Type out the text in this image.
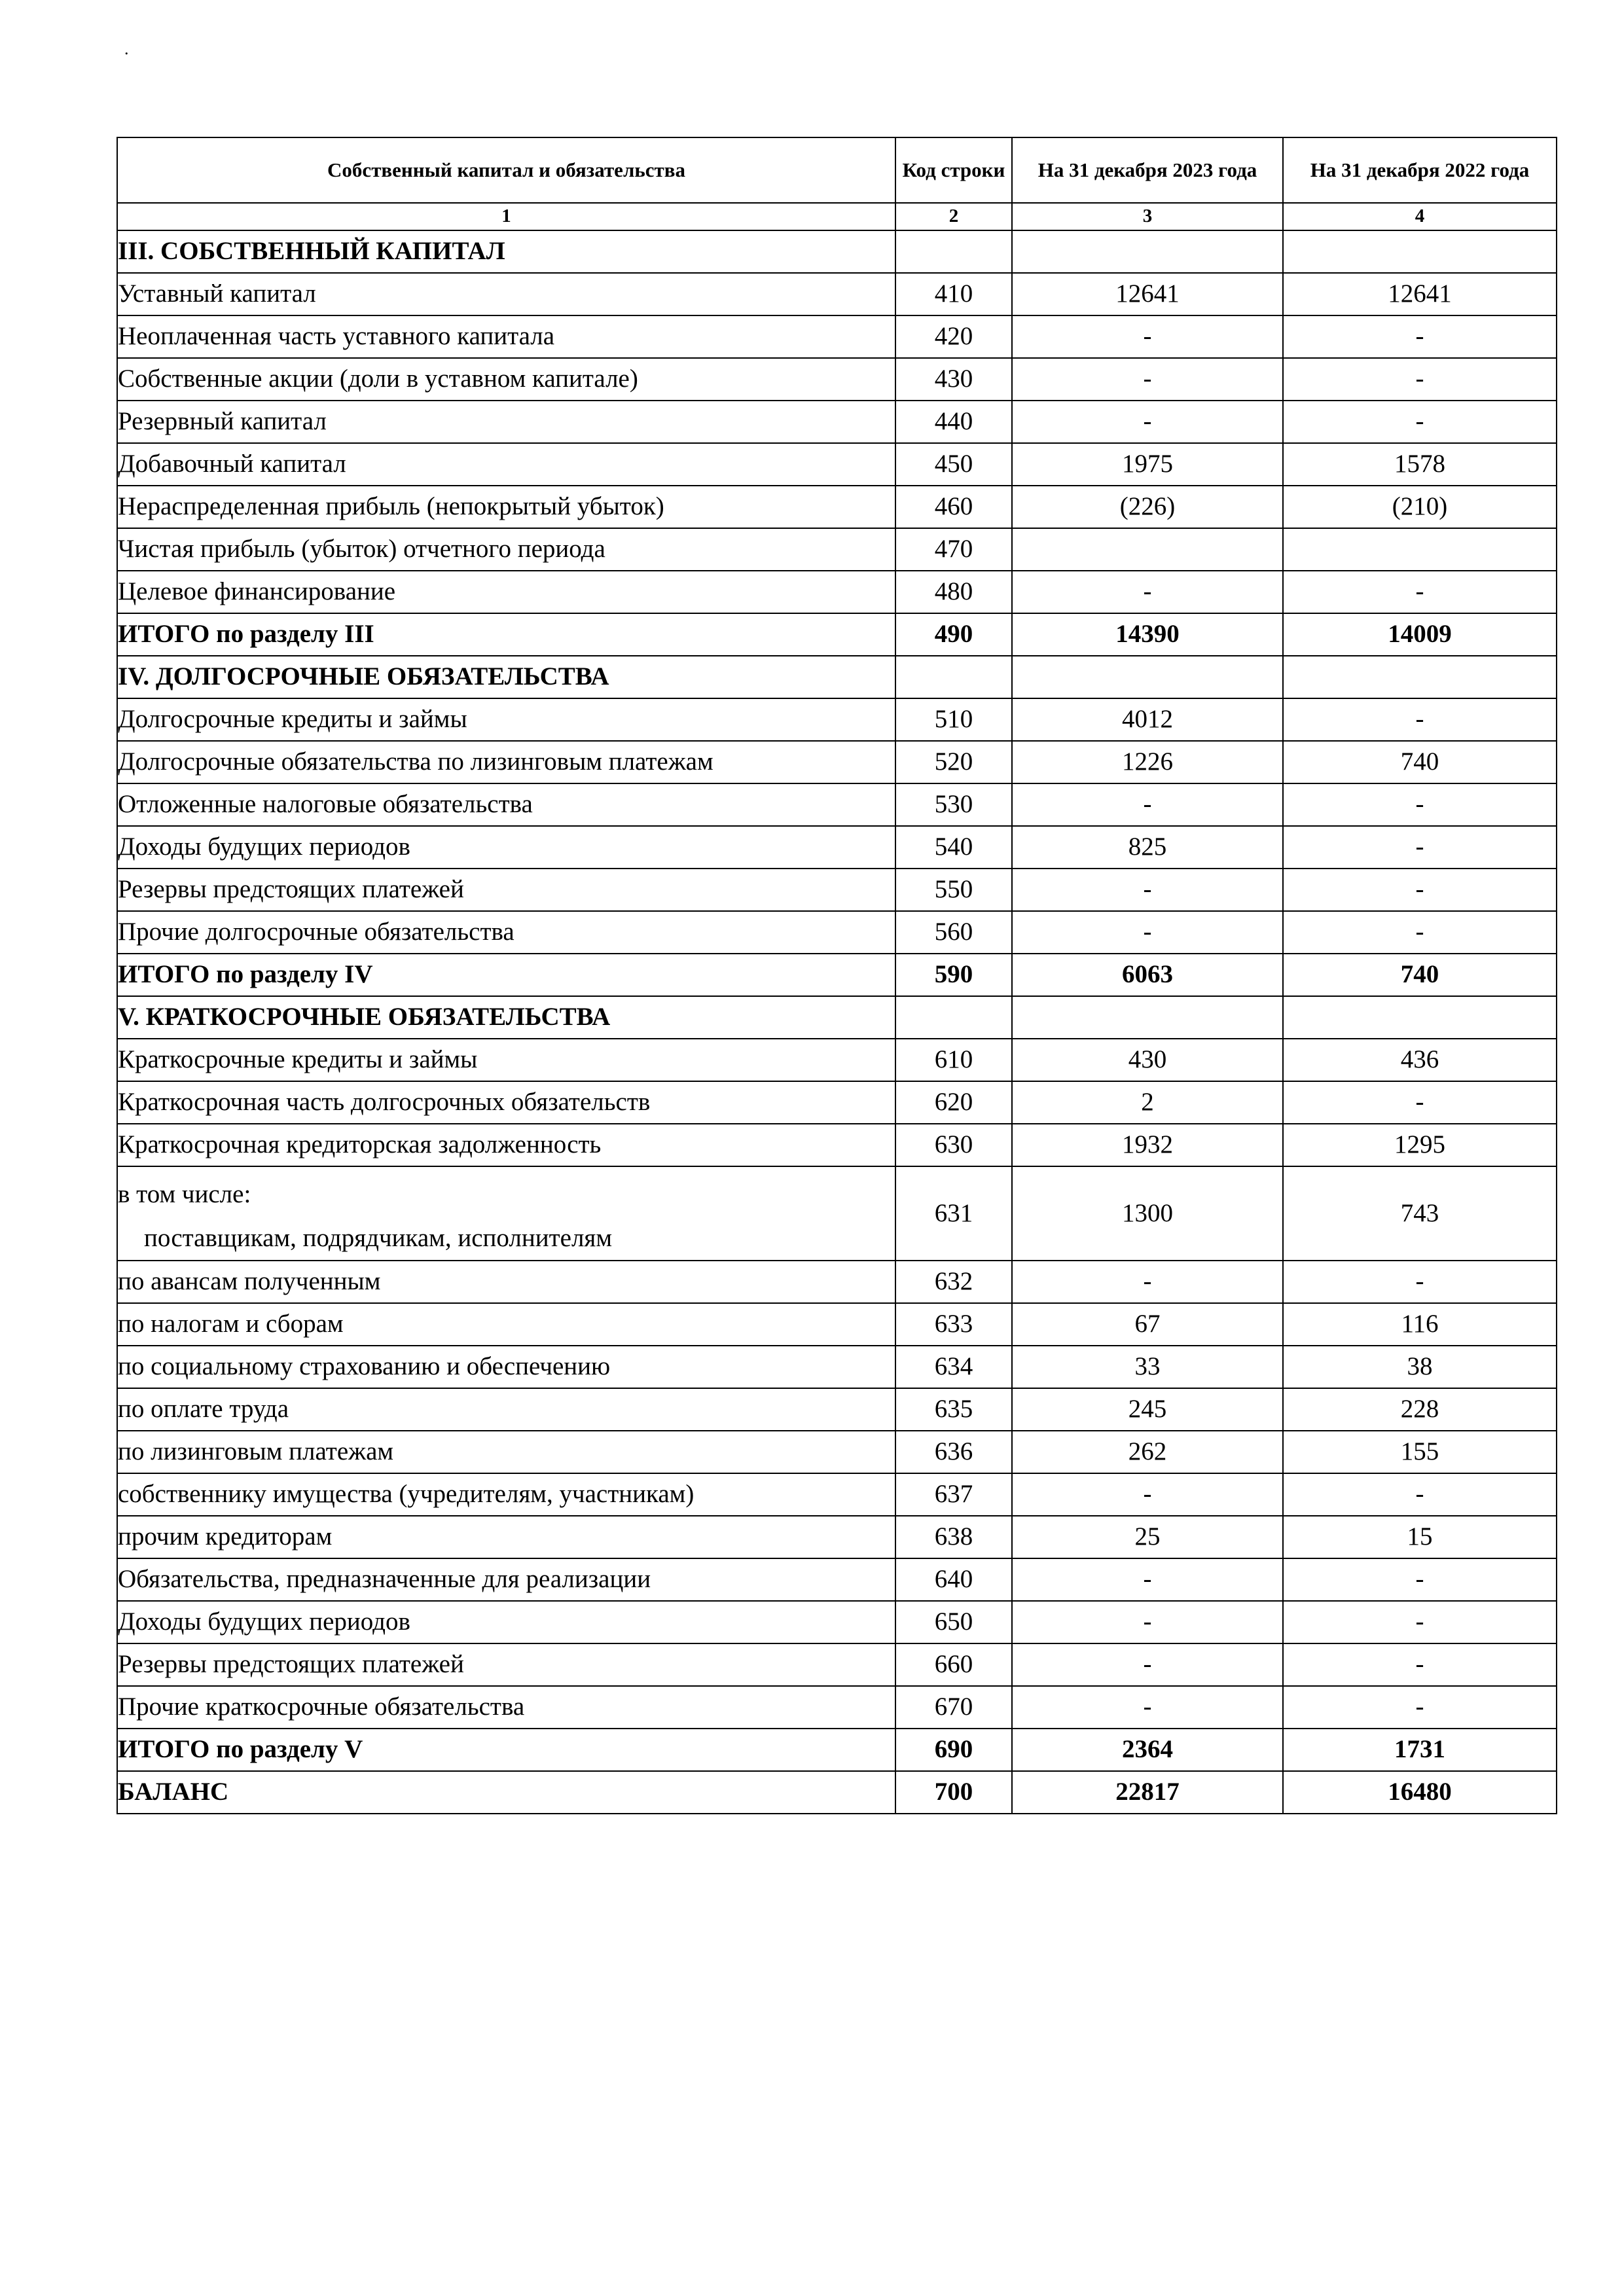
.
Собственный капитал и обязательства	Код строки	На 31 декабря 2023 года	На 31 декабря 2022 года
1	2	3	4
III. СОБСТВЕННЫЙ КАПИТАЛ			
Уставный капитал	410	12641	12641
Неоплаченная часть уставного капитала	420	-	-
Собственные акции (доли в уставном капитале)	430	-	-
Резервный капитал	440	-	-
Добавочный капитал	450	1975	1578
Нераспределенная прибыль (непокрытый убыток)	460	(226)	(210)
Чистая прибыль (убыток) отчетного периода	470		
Целевое финансирование	480	-	-
ИТОГО по разделу III	490	14390	14009
IV. ДОЛГОСРОЧНЫЕ ОБЯЗАТЕЛЬСТВА			
Долгосрочные кредиты и займы	510	4012	-
Долгосрочные обязательства по лизинговым платежам	520	1226	740
Отложенные налоговые обязательства	530	-	-
Доходы будущих периодов	540	825	-
Резервы предстоящих платежей	550	-	-
Прочие долгосрочные обязательства	560	-	-
ИТОГО по разделу IV	590	6063	740
V. КРАТКОСРОЧНЫЕ ОБЯЗАТЕЛЬСТВА			
Краткосрочные кредиты и займы	610	430	436
Краткосрочная часть долгосрочных обязательств	620	2	-
Краткосрочная кредиторская задолженность	630	1932	1295

в том числе:
поставщикам, подрядчикам, исполнителям	631	1300	743
по авансам полученным	632	-	-
по налогам и сборам	633	67	116
по социальному страхованию и обеспечению	634	33	38
по оплате труда	635	245	228
по лизинговым платежам	636	262	155
собственнику имущества (учредителям, участникам)	637	-	-
прочим кредиторам	638	25	15
Обязательства, предназначенные для реализации	640	-	-
Доходы будущих периодов	650	-	-
Резервы предстоящих платежей	660	-	-
Прочие краткосрочные обязательства	670	-	-
ИТОГО по разделу V	690	2364	1731
БАЛАНС	700	22817	16480
